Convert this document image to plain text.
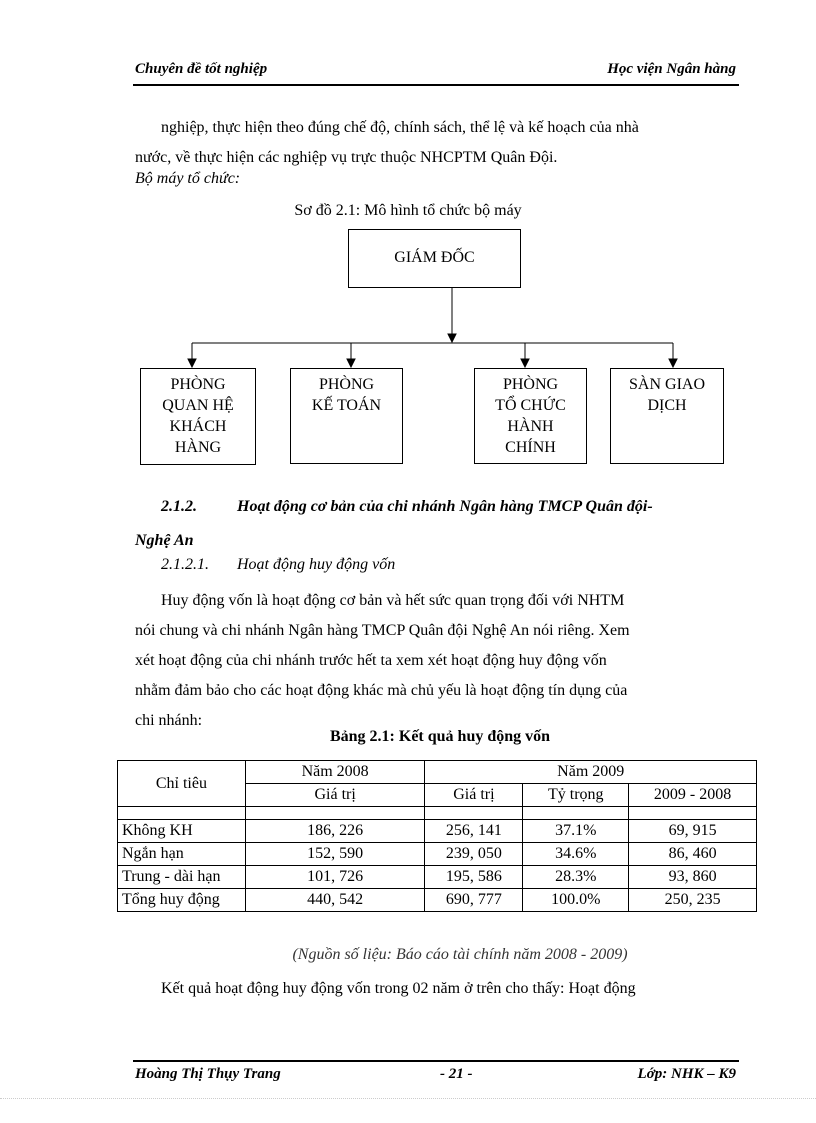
Chuyên đề tốt nghiệp	Học viện Ngân hàng
nghiệp, thực hiện theo đúng chế độ, chính sách, thể lệ và kế hoạch của nhà
nước, về thực hiện các nghiệp vụ trực thuộc NHCPTM Quân Đội.
Bộ máy tổ chức:
Sơ đồ 2.1: Mô hình tổ chức bộ máy
GIÁM ĐỐC
PHÒNG
QUAN HỆ
KHÁCH
HÀNG
PHÒNG
KẾ TOÁN
PHÒNG
TỔ CHỨC
HÀNH
CHÍNH
SÀN GIAO
DỊCH
2.1.2.	Hoạt động cơ bản của chi nhánh Ngân hàng TMCP Quân đội-
Nghệ An
2.1.2.1. Hoạt động huy động vốn
Huy động vốn là hoạt động cơ bản và hết sức quan trọng đối với NHTM
nói chung và chi nhánh Ngân hàng TMCP Quân đội Nghệ An nói riêng. Xem
xét hoạt động của chi nhánh trước hết ta xem xét hoạt động huy động vốn
nhằm đảm bảo cho các hoạt động khác mà chủ yếu là hoạt động tín dụng của
chi nhánh:
Bảng 2.1: Kết quả huy động vốn
Chỉ tiêu	Năm 2008	Năm 2009		
	Giá trị	Giá trị	Tỷ trọng	2009 - 2008

Không KH	186, 226	256, 141	37.1%	69, 915
Ngắn hạn	152, 590	239, 050	34.6%	86, 460
Trung - dài hạn	101, 726	195, 586	28.3%	93, 860
Tổng huy động	440, 542	690, 777	100.0%	250, 235
(Nguồn số liệu: Báo cáo tài chính năm 2008 - 2009)
Kết quả hoạt động huy động vốn trong 02 năm ở trên cho thấy: Hoạt động
Hoàng Thị Thụy Trang	- 21 -	Lớp: NHK – K9
